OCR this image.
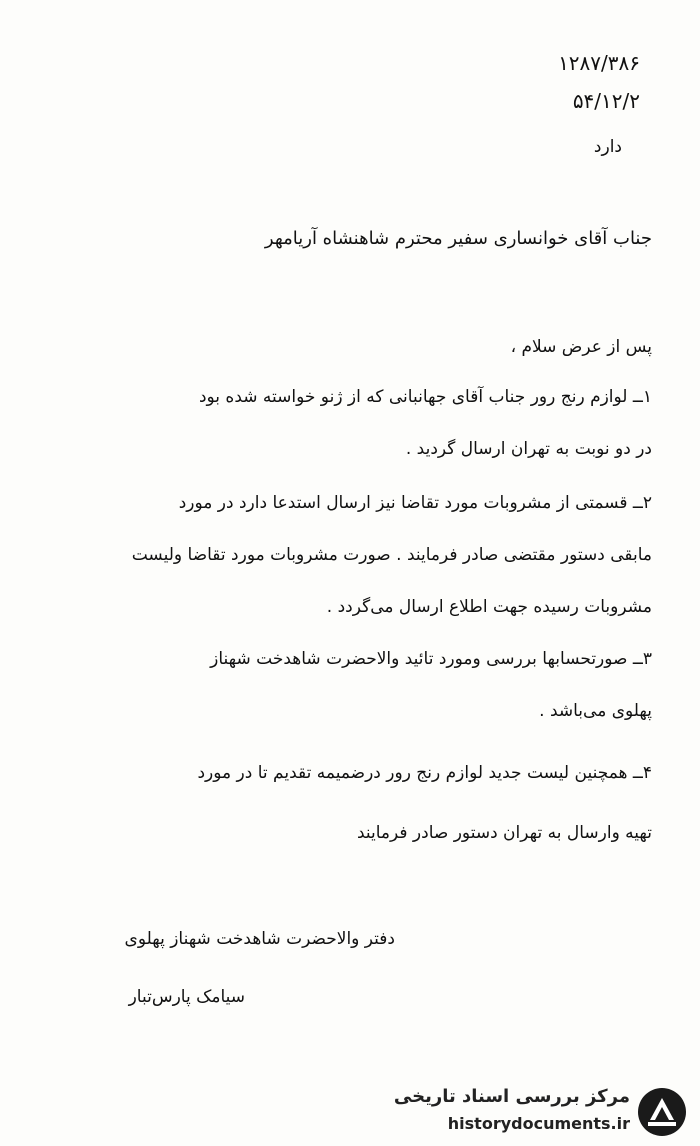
۱۲۸۷/۳۸۶
۵۴/۱۲/۲
دارد
جناب آقای خوانساری سفیر محترم شاهنشاه آریامهر
پس از عرض سلام ،
۱ــ لوازم رنج رور جناب آقای جهانبانی که از ژنو خواسته شده بود
در دو نوبت به تهران ارسال گردید .
۲ــ قسمتی از مشروبات مورد تقاضا نیز ارسال استدعا دارد در مورد
مابقی دستور مقتضی صادر فرمایند . صورت مشروبات مورد تقاضا ولیست
مشروبات رسیده جهت اطلاع ارسال می‌گردد .
۳ــ صورتحسابها بررسی ومورد تائید والاحضرت شاهدخت شهناز
پهلوی می‌باشد .
۴ــ همچنین لیست جدید لوازم رنج رور درضمیمه تقدیم تا در مورد
تهیه وارسال به تهران دستور صادر فرمایند
دفتر والاحضرت شاهدخت شهناز پهلوی
سیامک پارس‌تبار
مرکز بررسی اسناد تاریخی
historydocuments.ir
